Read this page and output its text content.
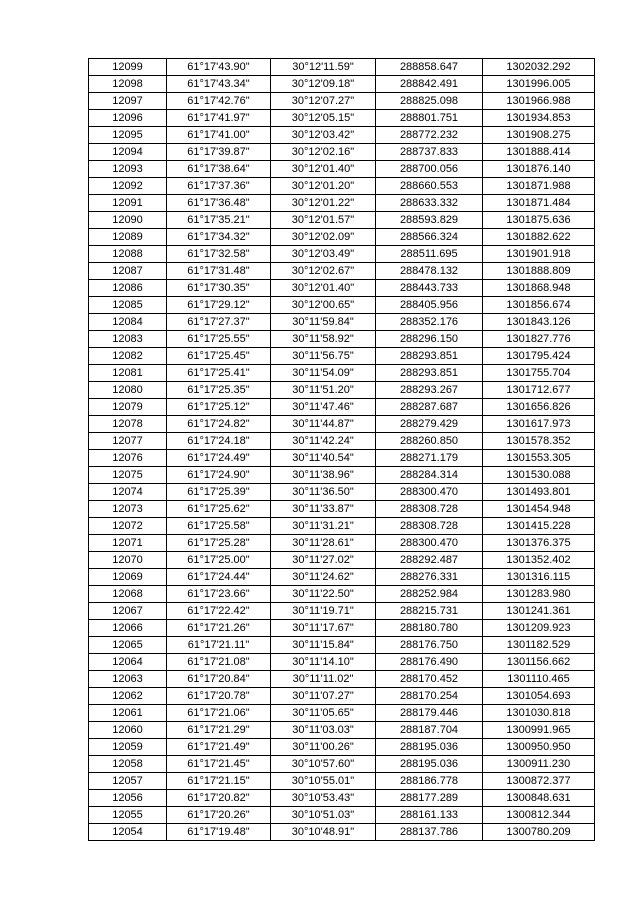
12099	61°17'43.90"	30°12'11.59"	288858.647	1302032.292
12098	61°17'43.34"	30°12'09.18"	288842.491	1301996.005
12097	61°17'42.76"	30°12'07.27"	288825.098	1301966.988
12096	61°17'41.97"	30°12'05.15"	288801.751	1301934.853
12095	61°17'41.00"	30°12'03.42"	288772.232	1301908.275
12094	61°17'39.87"	30°12'02.16"	288737.833	1301888.414
12093	61°17'38.64"	30°12'01.40"	288700.056	1301876.140
12092	61°17'37.36"	30°12'01.20"	288660.553	1301871.988
12091	61°17'36.48"	30°12'01.22"	288633.332	1301871.484
12090	61°17'35.21"	30°12'01.57"	288593.829	1301875.636
12089	61°17'34.32"	30°12'02.09"	288566.324	1301882.622
12088	61°17'32.58"	30°12'03.49"	288511.695	1301901.918
12087	61°17'31.48"	30°12'02.67"	288478.132	1301888.809
12086	61°17'30.35"	30°12'01.40"	288443.733	1301868.948
12085	61°17'29.12"	30°12'00.65"	288405.956	1301856.674
12084	61°17'27.37"	30°11'59.84"	288352.176	1301843.126
12083	61°17'25.55"	30°11'58.92"	288296.150	1301827.776
12082	61°17'25.45"	30°11'56.75"	288293.851	1301795.424
12081	61°17'25.41"	30°11'54.09"	288293.851	1301755.704
12080	61°17'25.35"	30°11'51.20"	288293.267	1301712.677
12079	61°17'25.12"	30°11'47.46"	288287.687	1301656.826
12078	61°17'24.82"	30°11'44.87"	288279.429	1301617.973
12077	61°17'24.18"	30°11'42.24"	288260.850	1301578.352
12076	61°17'24.49"	30°11'40.54"	288271.179	1301553.305
12075	61°17'24.90"	30°11'38.96"	288284.314	1301530.088
12074	61°17'25.39"	30°11'36.50"	288300.470	1301493.801
12073	61°17'25.62"	30°11'33.87"	288308.728	1301454.948
12072	61°17'25.58"	30°11'31.21"	288308.728	1301415.228
12071	61°17'25.28"	30°11'28.61"	288300.470	1301376.375
12070	61°17'25.00"	30°11'27.02"	288292.487	1301352.402
12069	61°17'24.44"	30°11'24.62"	288276.331	1301316.115
12068	61°17'23.66"	30°11'22.50"	288252.984	1301283.980
12067	61°17'22.42"	30°11'19.71"	288215.731	1301241.361
12066	61°17'21.26"	30°11'17.67"	288180.780	1301209.923
12065	61°17'21.11"	30°11'15.84"	288176.750	1301182.529
12064	61°17'21.08"	30°11'14.10"	288176.490	1301156.662
12063	61°17'20.84"	30°11'11.02"	288170.452	1301110.465
12062	61°17'20.78"	30°11'07.27"	288170.254	1301054.693
12061	61°17'21.06"	30°11'05.65"	288179.446	1301030.818
12060	61°17'21.29"	30°11'03.03"	288187.704	1300991.965
12059	61°17'21.49"	30°11'00.26"	288195.036	1300950.950
12058	61°17'21.45"	30°10'57.60"	288195.036	1300911.230
12057	61°17'21.15"	30°10'55.01"	288186.778	1300872.377
12056	61°17'20.82"	30°10'53.43"	288177.289	1300848.631
12055	61°17'20.26"	30°10'51.03"	288161.133	1300812.344
12054	61°17'19.48"	30°10'48.91"	288137.786	1300780.209
